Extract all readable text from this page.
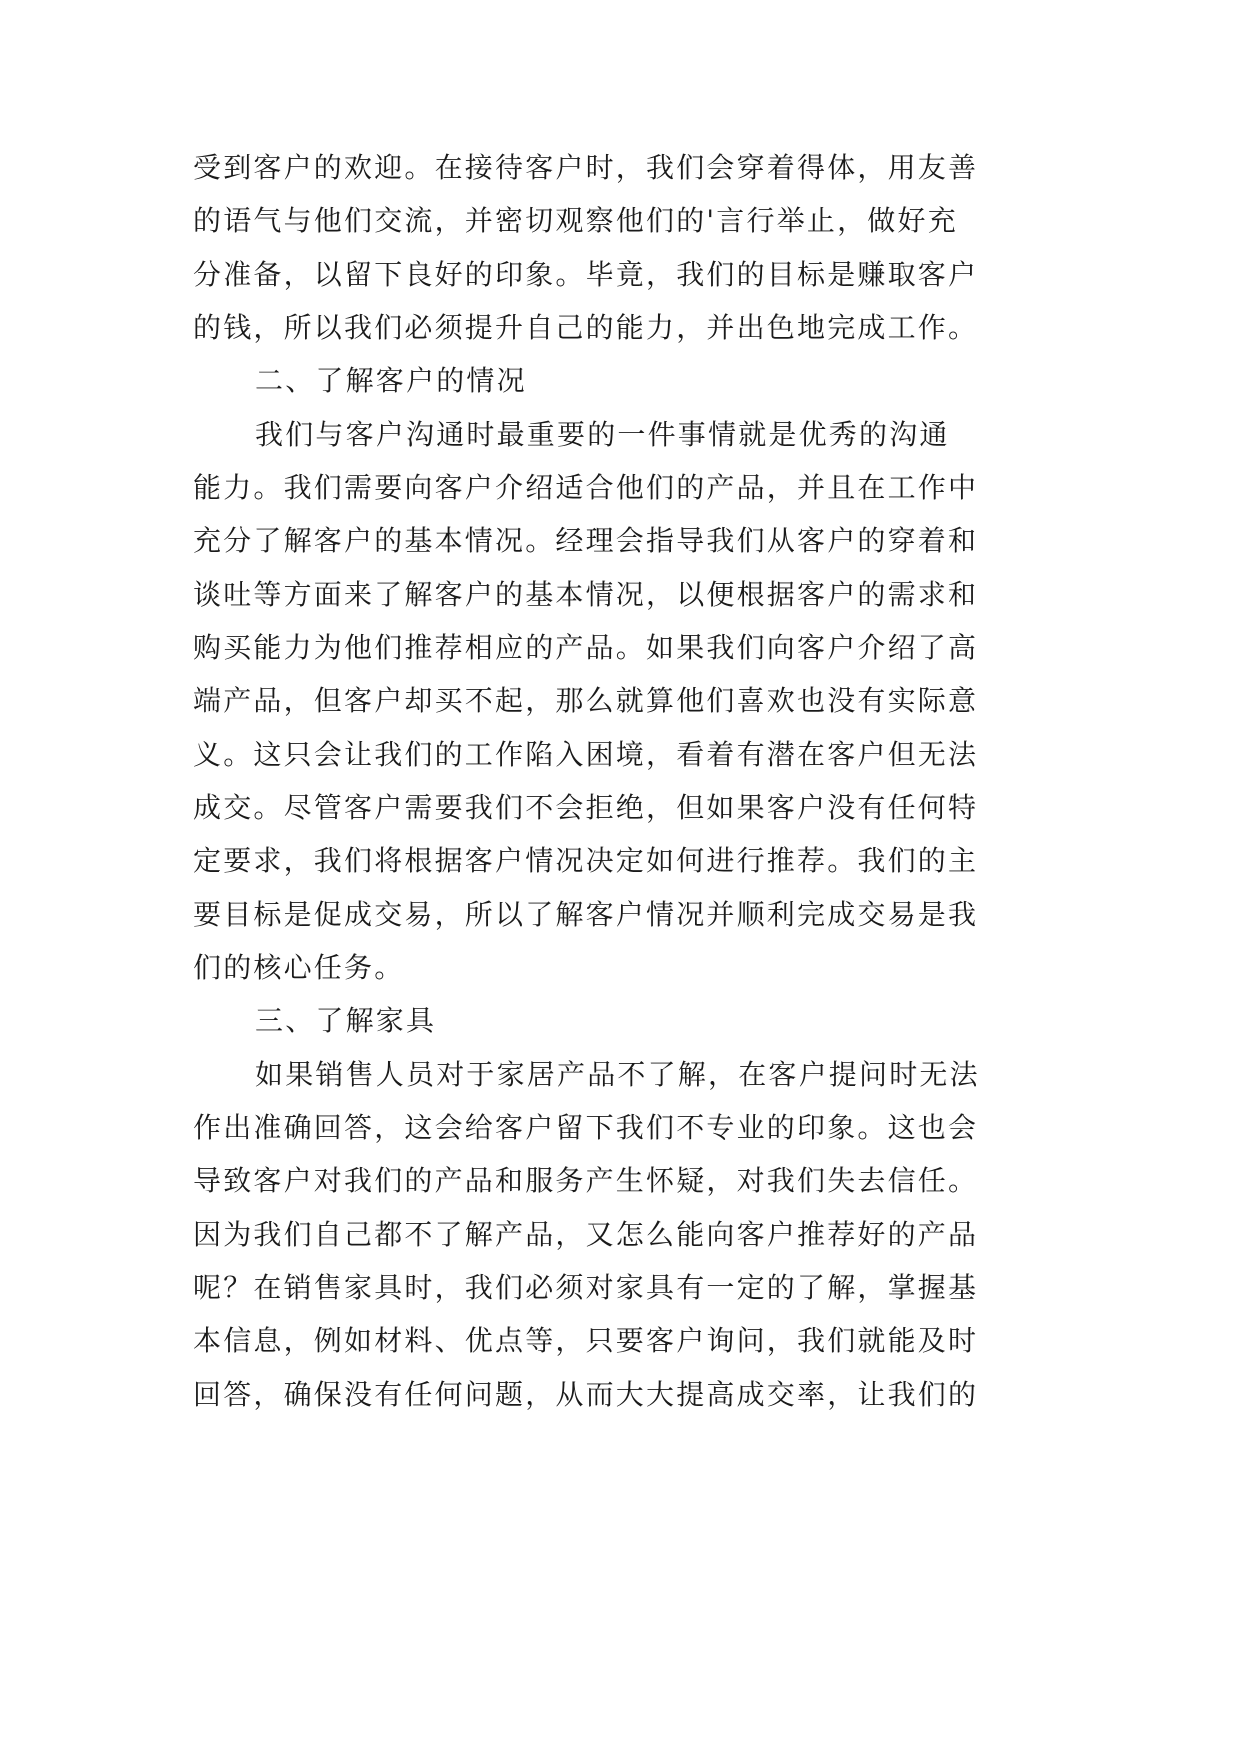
受到客户的欢迎。在接待客户时，我们会穿着得体，用友善
的语气与他们交流，并密切观察他们的'言行举止，做好充
分准备，以留下良好的印象。毕竟，我们的目标是赚取客户
的钱，所以我们必须提升自己的能力，并出色地完成工作。
二、了解客户的情况
我们与客户沟通时最重要的一件事情就是优秀的沟通
能力。我们需要向客户介绍适合他们的产品，并且在工作中
充分了解客户的基本情况。经理会指导我们从客户的穿着和
谈吐等方面来了解客户的基本情况，以便根据客户的需求和
购买能力为他们推荐相应的产品。如果我们向客户介绍了高
端产品，但客户却买不起，那么就算他们喜欢也没有实际意
义。这只会让我们的工作陷入困境，看着有潜在客户但无法
成交。尽管客户需要我们不会拒绝，但如果客户没有任何特
定要求，我们将根据客户情况决定如何进行推荐。我们的主
要目标是促成交易，所以了解客户情况并顺利完成交易是我
们的核心任务。
三、了解家具
如果销售人员对于家居产品不了解，在客户提问时无法
作出准确回答，这会给客户留下我们不专业的印象。这也会
导致客户对我们的产品和服务产生怀疑，对我们失去信任。
因为我们自己都不了解产品，又怎么能向客户推荐好的产品
呢？在销售家具时，我们必须对家具有一定的了解，掌握基
本信息，例如材料、优点等，只要客户询问，我们就能及时
回答，确保没有任何问题，从而大大提高成交率，让我们的
